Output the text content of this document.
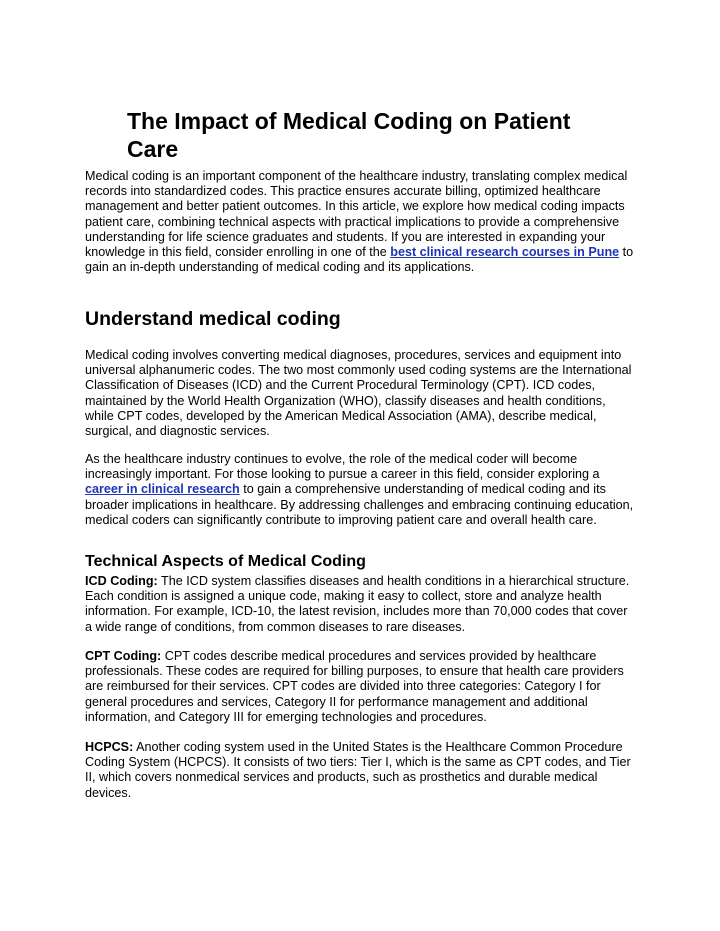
The Impact of Medical Coding on Patient Care

Medical coding is an important component of the healthcare industry, translating complex medical records into standardized codes. This practice ensures accurate billing, optimized healthcare management and better patient outcomes. In this article, we explore how medical coding impacts patient care, combining technical aspects with practical implications to provide a comprehensive understanding for life science graduates and students. If you are interested in expanding your knowledge in this field, consider enrolling in one of the best clinical research courses in Pune to gain an in-depth understanding of medical coding and its applications.

Understand medical coding

Medical coding involves converting medical diagnoses, procedures, services and equipment into universal alphanumeric codes. The two most commonly used coding systems are the International Classification of Diseases (ICD) and the Current Procedural Terminology (CPT). ICD codes, maintained by the World Health Organization (WHO), classify diseases and health conditions, while CPT codes, developed by the American Medical Association (AMA), describe medical, surgical, and diagnostic services.

As the healthcare industry continues to evolve, the role of the medical coder will become increasingly important. For those looking to pursue a career in this field, consider exploring a career in clinical research to gain a comprehensive understanding of medical coding and its broader implications in healthcare. By addressing challenges and embracing continuing education, medical coders can significantly contribute to improving patient care and overall health care.

Technical Aspects of Medical Coding

ICD Coding: The ICD system classifies diseases and health conditions in a hierarchical structure. Each condition is assigned a unique code, making it easy to collect, store and analyze health information. For example, ICD-10, the latest revision, includes more than 70,000 codes that cover a wide range of conditions, from common diseases to rare diseases.

CPT Coding: CPT codes describe medical procedures and services provided by healthcare professionals. These codes are required for billing purposes, to ensure that health care providers are reimbursed for their services. CPT codes are divided into three categories: Category I for general procedures and services, Category II for performance management and additional information, and Category III for emerging technologies and procedures.

HCPCS: Another coding system used in the United States is the Healthcare Common Procedure Coding System (HCPCS). It consists of two tiers: Tier I, which is the same as CPT codes, and Tier II, which covers nonmedical services and products, such as prosthetics and durable medical devices.
